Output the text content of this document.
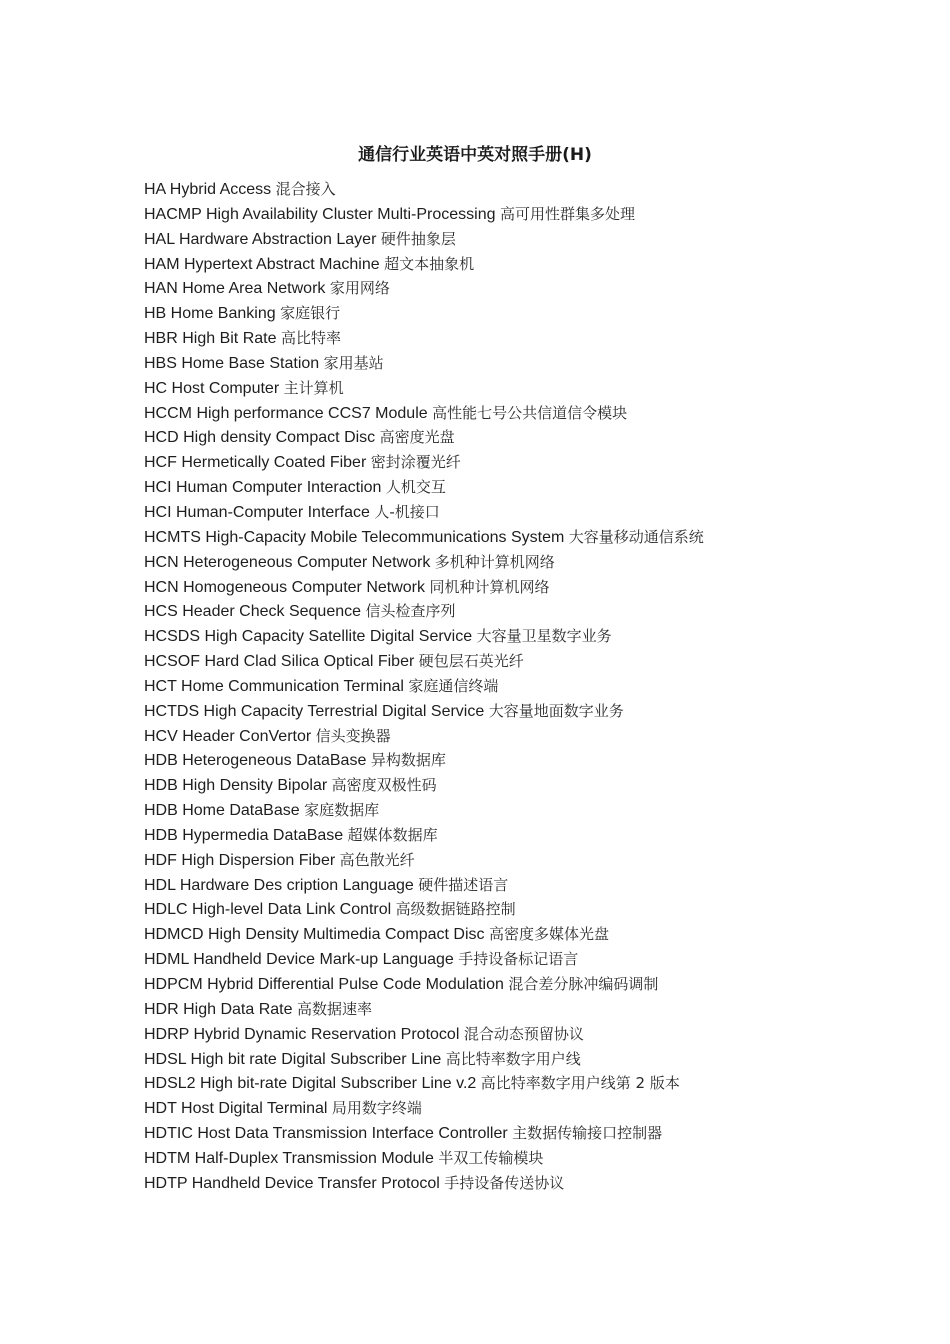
通信行业英语中英对照手册(H)
HA Hybrid Access 混合接入
HACMP High Availability Cluster Multi-Processing 高可用性群集多处理
HAL Hardware Abstraction Layer 硬件抽象层
HAM Hypertext Abstract Machine 超文本抽象机
HAN Home Area Network 家用网络
HB Home Banking 家庭银行
HBR High Bit Rate 高比特率
HBS Home Base Station 家用基站
HC Host Computer 主计算机
HCCM High performance CCS7 Module 高性能七号公共信道信令模块
HCD High density Compact Disc 高密度光盘
HCF Hermetically Coated Fiber 密封涂覆光纤
HCI Human Computer Interaction 人机交互
HCI Human-Computer Interface 人-机接口
HCMTS High-Capacity Mobile Telecommunications System 大容量移动通信系统
HCN Heterogeneous Computer Network 多机种计算机网络
HCN Homogeneous Computer Network 同机种计算机网络
HCS Header Check Sequence 信头检查序列
HCSDS High Capacity Satellite Digital Service 大容量卫星数字业务
HCSOF Hard Clad Silica Optical Fiber 硬包层石英光纤
HCT Home Communication Terminal 家庭通信终端
HCTDS High Capacity Terrestrial Digital Service 大容量地面数字业务
HCV Header ConVertor 信头变换器
HDB Heterogeneous DataBase 异构数据库
HDB High Density Bipolar 高密度双极性码
HDB Home DataBase 家庭数据库
HDB Hypermedia DataBase 超媒体数据库
HDF High Dispersion Fiber 高色散光纤
HDL Hardware Des cription Language 硬件描述语言
HDLC High-level Data Link Control 高级数据链路控制
HDMCD High Density Multimedia Compact Disc 高密度多媒体光盘
HDML Handheld Device Mark-up Language 手持设备标记语言
HDPCM Hybrid Differential Pulse Code Modulation 混合差分脉冲编码调制
HDR High Data Rate 高数据速率
HDRP Hybrid Dynamic Reservation Protocol 混合动态预留协议
HDSL High bit rate Digital Subscriber Line 高比特率数字用户线
HDSL2 High bit-rate Digital Subscriber Line v.2 高比特率数字用户线第 2 版本
HDT Host Digital Terminal 局用数字终端
HDTIC Host Data Transmission Interface Controller 主数据传输接口控制器
HDTM Half-Duplex Transmission Module 半双工传输模块
HDTP Handheld Device Transfer Protocol 手持设备传送协议
